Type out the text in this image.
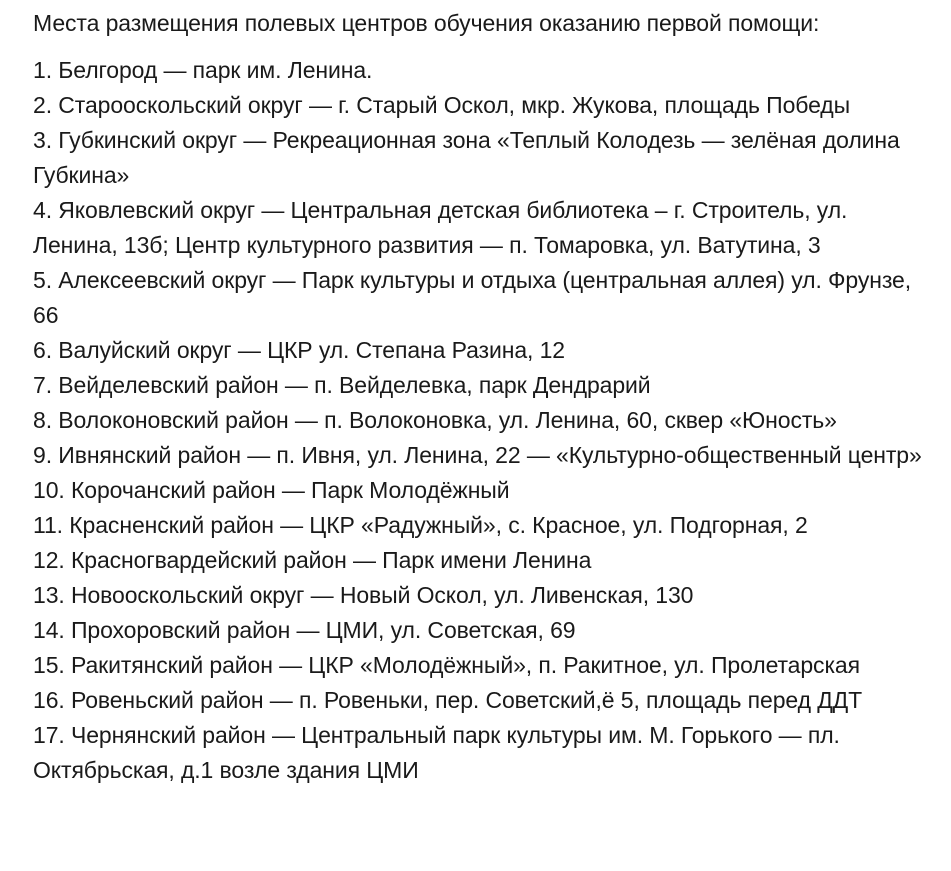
Места размещения полевых центров обучения оказанию первой помощи:

1. Белгород — парк им. Ленина.
2. Старооскольский округ — г. Старый Оскол, мкр. Жукова, площадь Победы
3. Губкинский округ — Рекреационная зона «Теплый Колодезь — зелёная долина Губкина»
4. Яковлевский округ — Центральная детская библиотека – г. Строитель, ул. Ленина, 13б; Центр культурного развития — п. Томаровка, ул. Ватутина, 3
5. Алексеевский округ — Парк культуры и отдыха (центральная аллея) ул. Фрунзе, 66
6. Валуйский округ — ЦКР ул. Степана Разина, 12
7. Вейделевский район — п. Вейделевка, парк Дендрарий
8. Волоконовский район — п. Волоконовка, ул. Ленина, 60, сквер «Юность»
9. Ивнянский район — п. Ивня, ул. Ленина, 22 — «Культурно-общественный центр»
10. Корочанский район — Парк Молодёжный
11. Красненский район — ЦКР «Радужный», с. Красное, ул. Подгорная, 2
12. Красногвардейский район — Парк имени Ленина
13. Новооскольский округ — Новый Оскол, ул. Ливенская, 130
14. Прохоровский район — ЦМИ, ул. Советская, 69
15. Ракитянский район — ЦКР «Молодёжный», п. Ракитное, ул. Пролетарская
16. Ровеньский район — п. Ровеньки, пер. Советский,ё 5, площадь перед ДДТ
17. Чернянский район — Центральный парк культуры им. М. Горького — пл. Октябрьская, д.1 возле здания ЦМИ
